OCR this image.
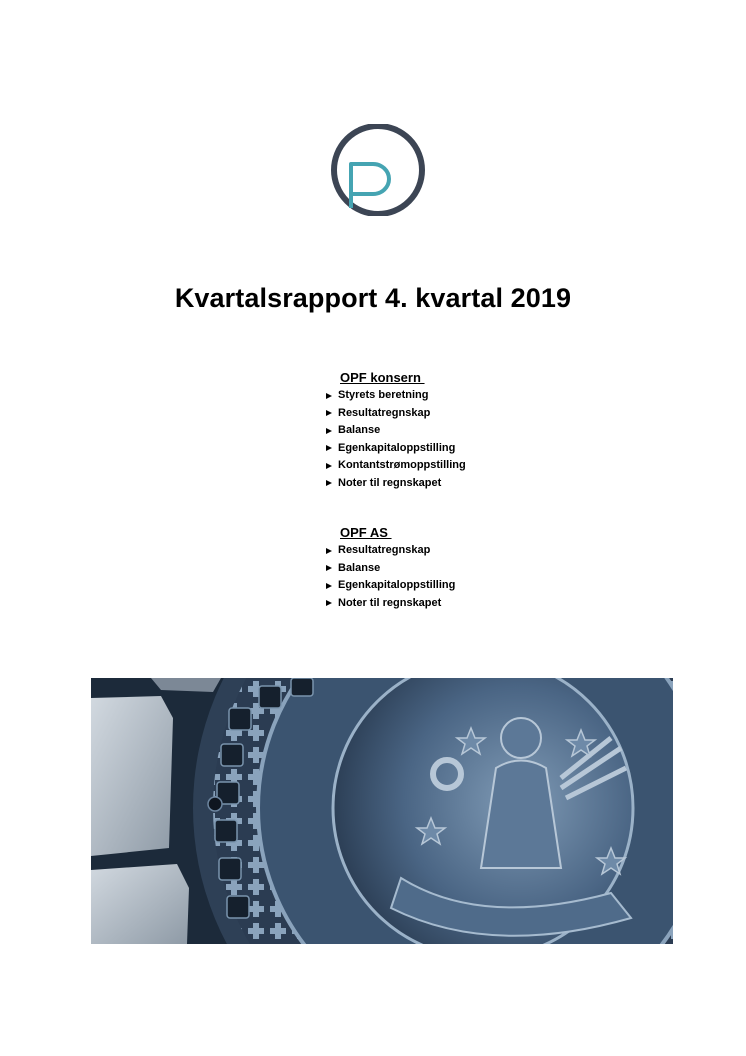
Kvartalsrapport 4. kvartal 2019
OPF konsern
Styrets beretning
Resultatregnskap
Balanse
Egenkapitaloppstilling
Kontantstrømoppstilling
Noter til regnskapet
OPF AS
Resultatregnskap
Balanse
Egenkapitaloppstilling
Noter til regnskapet
